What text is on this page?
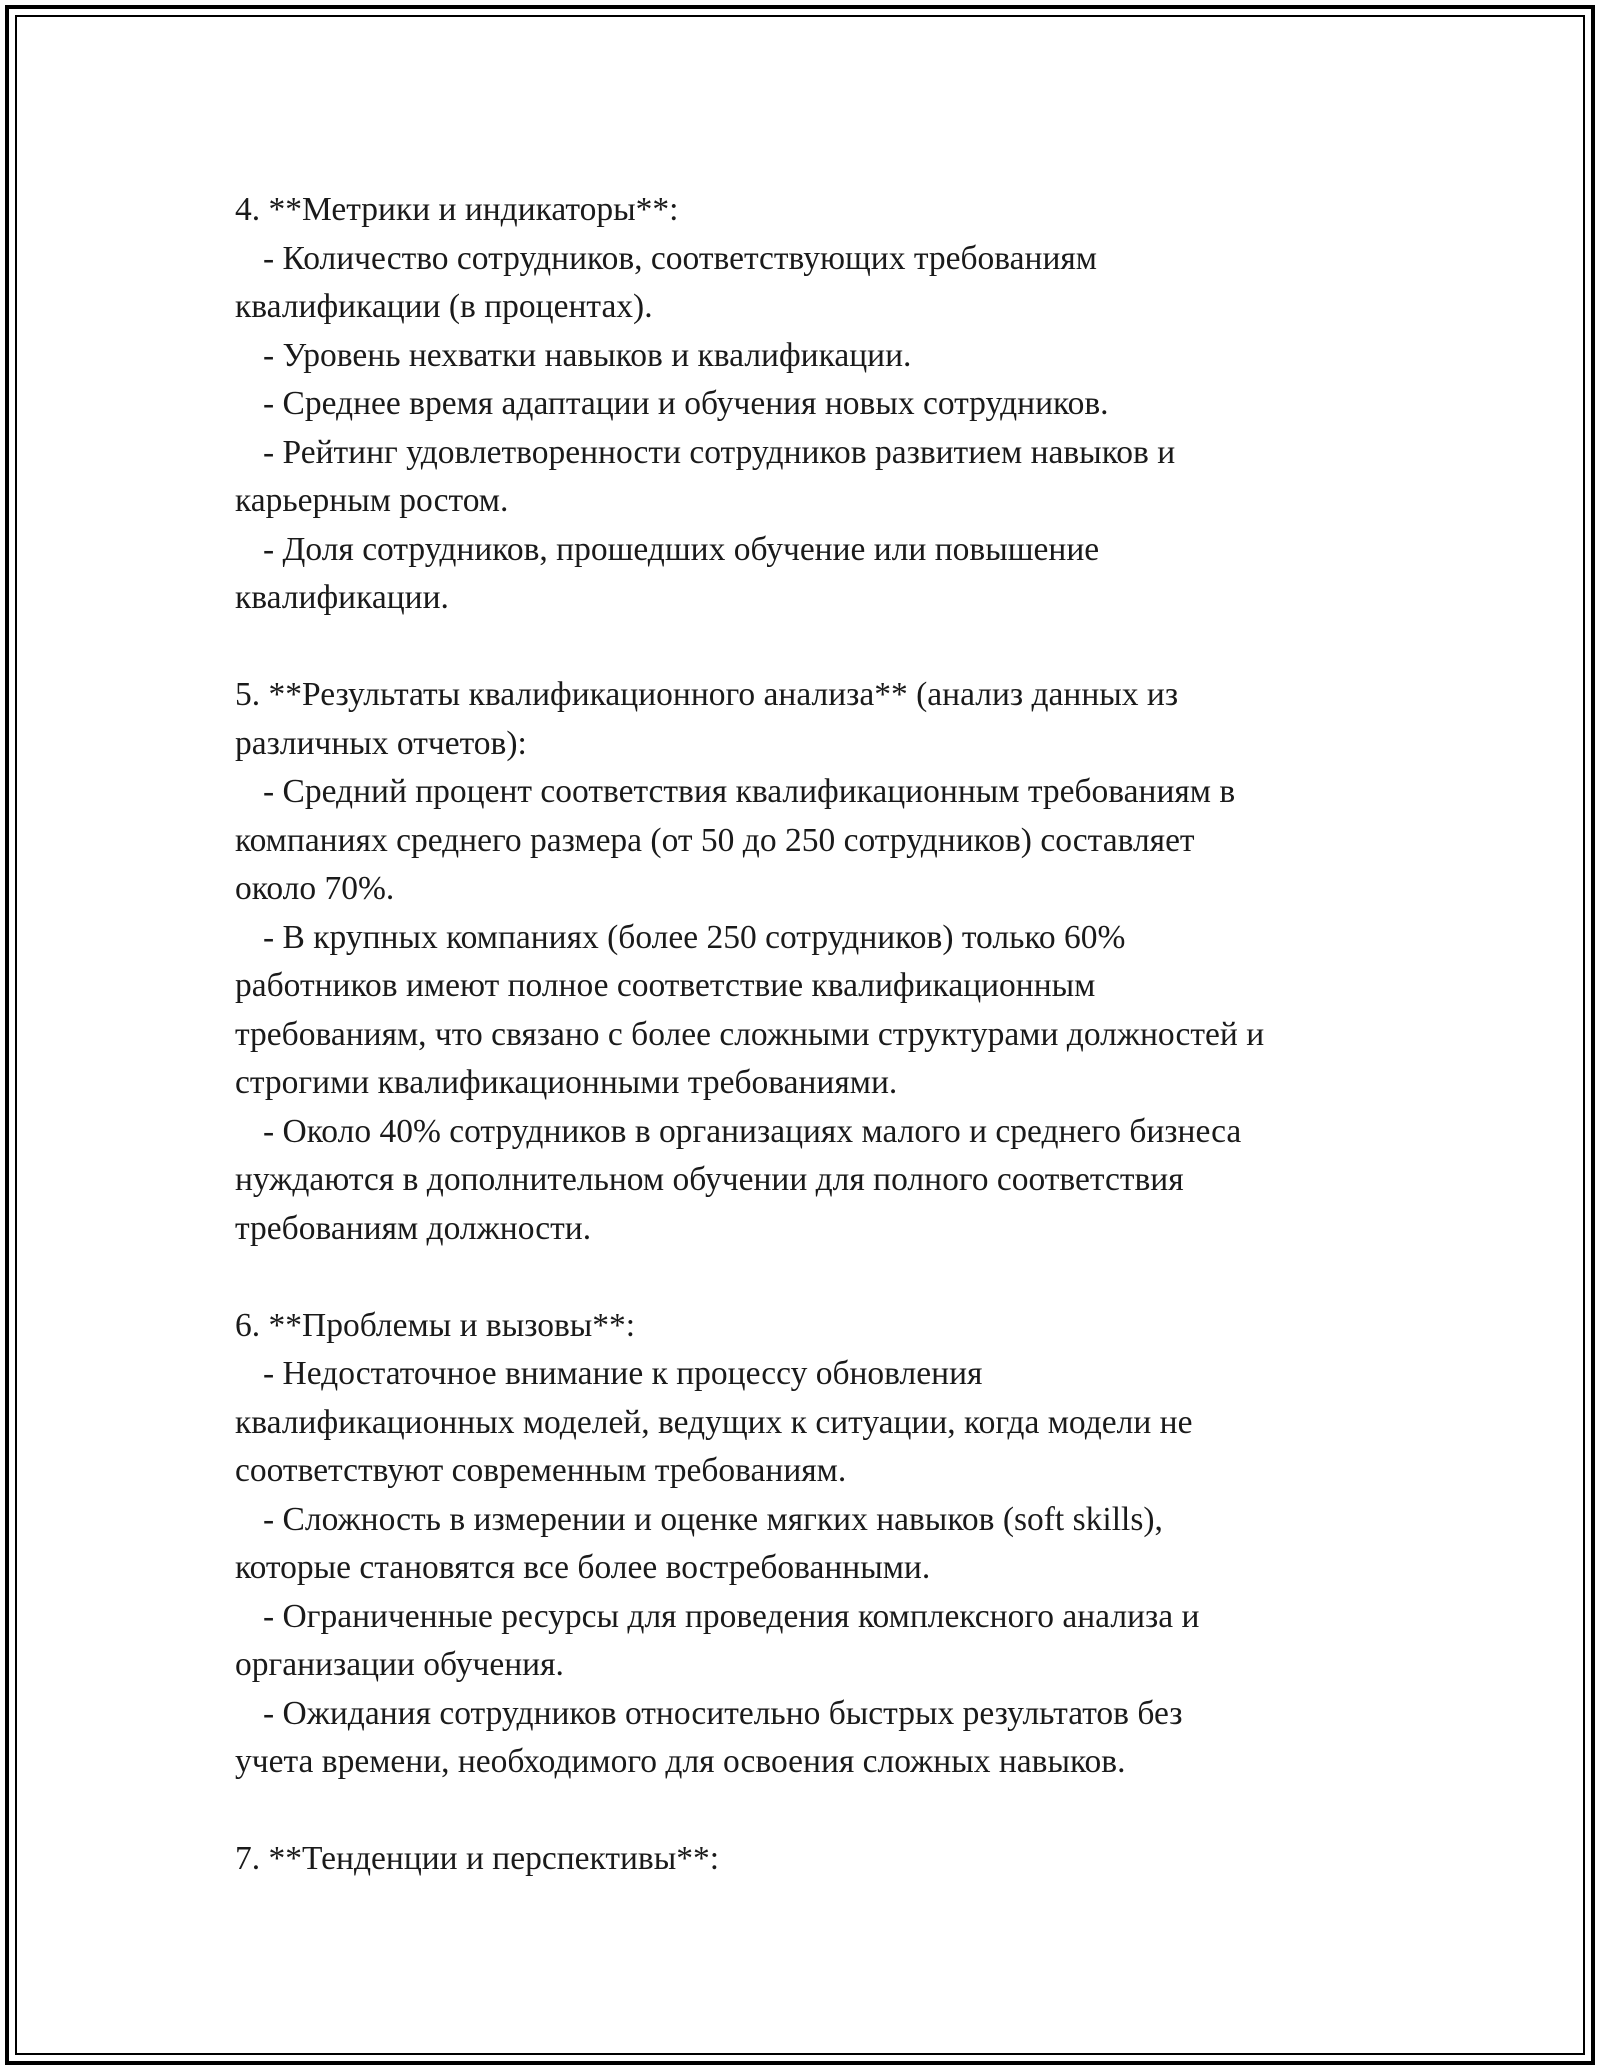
4. **Метрики и индикаторы**:
- Количество сотрудников, соответствующих требованиям
квалификации (в процентах).
- Уровень нехватки навыков и квалификации.
- Среднее время адаптации и обучения новых сотрудников.
- Рейтинг удовлетворенности сотрудников развитием навыков и
карьерным ростом.
- Доля сотрудников, прошедших обучение или повышение
квалификации.
5. **Результаты квалификационного анализа** (анализ данных из
различных отчетов):
- Средний процент соответствия квалификационным требованиям в
компаниях среднего размера (от 50 до 250 сотрудников) составляет
около 70%.
- В крупных компаниях (более 250 сотрудников) только 60%
работников имеют полное соответствие квалификационным
требованиям, что связано с более сложными структурами должностей и
строгими квалификационными требованиями.
- Около 40% сотрудников в организациях малого и среднего бизнеса
нуждаются в дополнительном обучении для полного соответствия
требованиям должности.
6. **Проблемы и вызовы**:
- Недостаточное внимание к процессу обновления
квалификационных моделей, ведущих к ситуации, когда модели не
соответствуют современным требованиям.
- Сложность в измерении и оценке мягких навыков (soft skills),
которые становятся все более востребованными.
- Ограниченные ресурсы для проведения комплексного анализа и
организации обучения.
- Ожидания сотрудников относительно быстрых результатов без
учета времени, необходимого для освоения сложных навыков.
7. **Тенденции и перспективы**:
